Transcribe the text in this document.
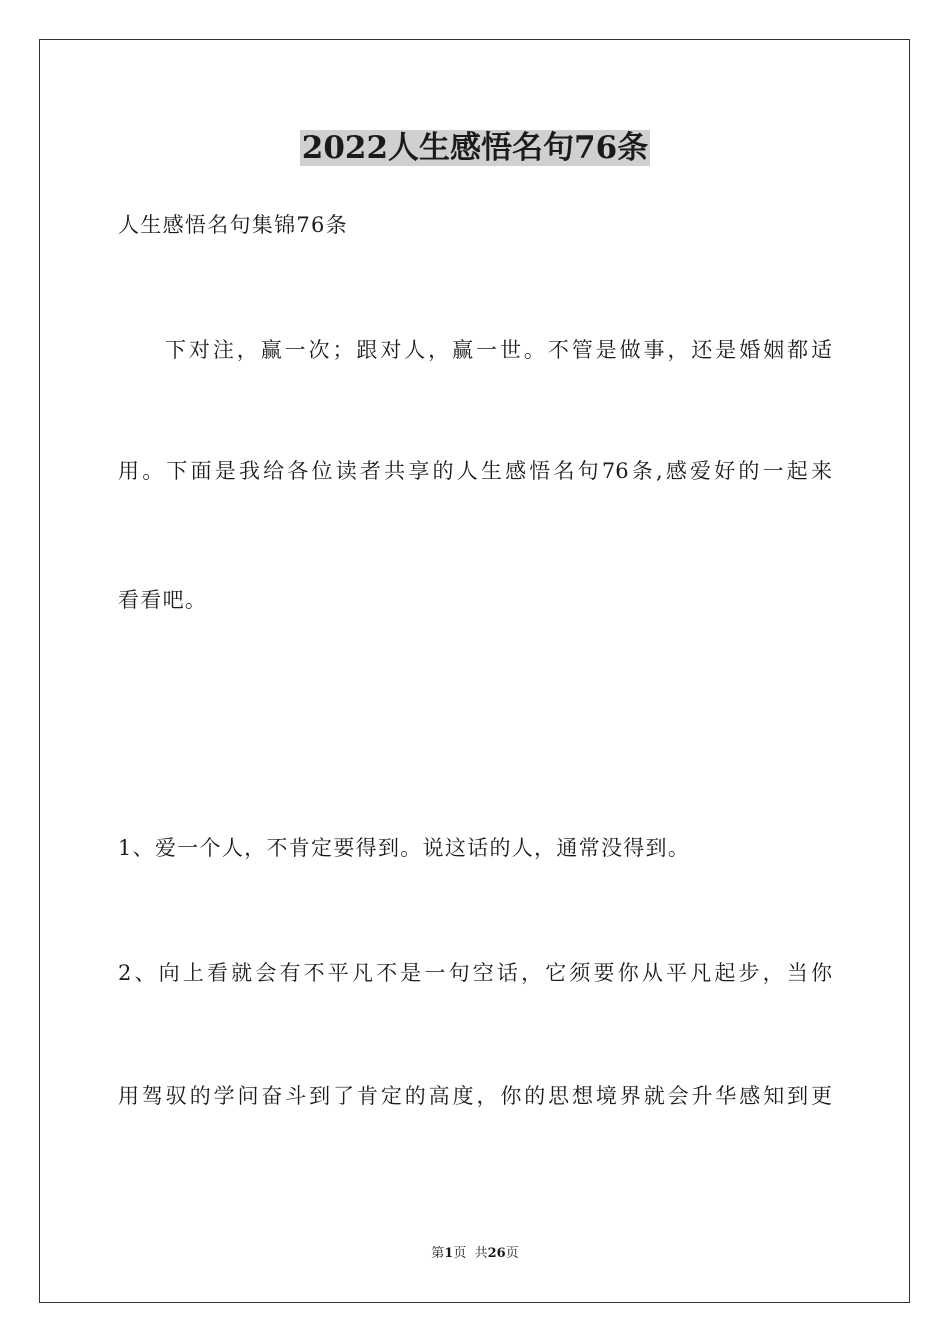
2022人生感悟名句76条
人生感悟名句集锦76条
下对注，赢一次；跟对人，赢一世。不管是做事，还是婚姻都适
用。下面是我给各位读者共享的人生感悟名句76条,感爱好的一起来
看看吧。
1、爱一个人，不肯定要得到。说这话的人，通常没得到。
2、向上看就会有不平凡不是一句空话，它须要你从平凡起步，当你
用驾驭的学问奋斗到了肯定的高度，你的思想境界就会升华感知到更
第1页  共26页
